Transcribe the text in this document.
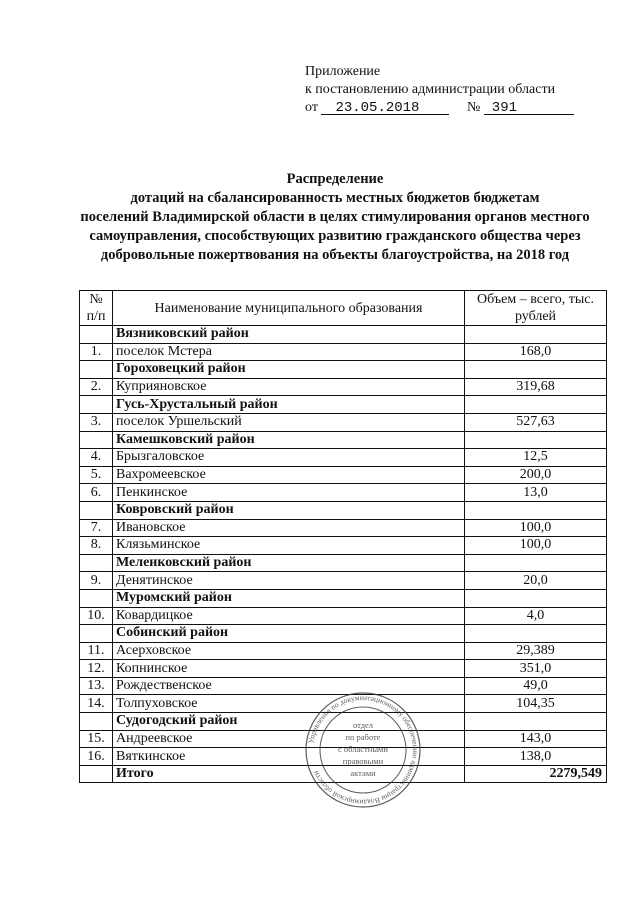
Приложение
к постановлению администрации области
от 23.05.2018	№ 391
Распределение
дотаций на сбалансированность местных бюджетов бюджетам
поселений Владимирской области в целях стимулирования органов местного
самоуправления, способствующих развитию гражданского общества через
добровольные пожертвования на объекты благоустройства, на 2018 год
№ п/п	Наименование муниципального образования	Объем – всего, тыс. рублей
	Вязниковский район	
1.	поселок Мстера	168,0
	Гороховецкий район	
2.	Куприяновское	319,68
	Гусь-Хрустальный район	
3.	поселок Уршельский	527,63
	Камешковский район	
4.	Брызгаловское	12,5
5.	Вахромеевское	200,0
6.	Пенкинское	13,0
	Ковровский район	
7.	Ивановское	100,0
8.	Клязьминское	100,0
	Меленковский район	
9.	Денятинское	20,0
	Муромский район	
10.	Ковардицкое	4,0
	Собинский район	
11.	Асерховское	29,389
12.	Копнинское	351,0
13.	Рождественское	49,0
14.	Толпуховское	104,35
	Судогодский район	
15.	Андреевское	143,0
16.	Вяткинское	138,0
	Итого	2279,549
Управления по документационному обеспечению администрации Владимирской области
отдел
по работе
с областными
правовыми
актами
